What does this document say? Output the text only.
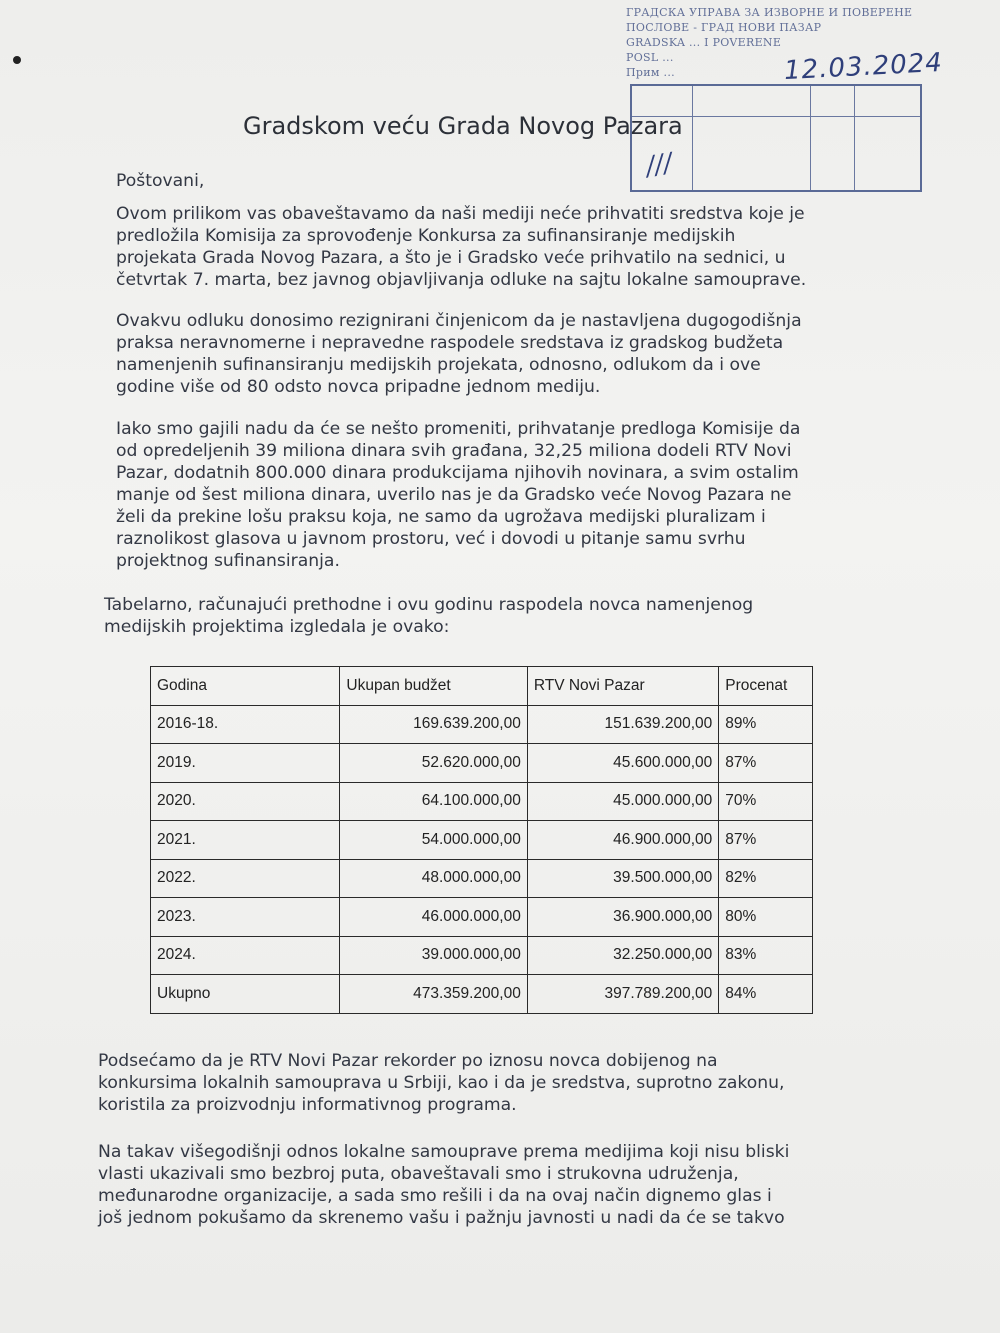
ГРАДСКА УПРАВА ЗА ИЗВОРНЕ И ПОВЕРЕНЕ
ПОСЛОВЕ - ГРАД НОВИ ПАЗАР
GRADSKA ... I POVERENE
POSL ...
Прим ...	12.03.2024
///
Gradskom veću Grada Novog Pazara

Poštovani,

Ovom prilikom vas obaveštavamo da naši mediji neće prihvatiti sredstva koje je
predložila Komisija za sprovođenje Konkursa za sufinansiranje medijskih
projekata Grada Novog Pazara, a što je i Gradsko veće prihvatilo na sednici, u
četvrtak 7. marta, bez javnog objavljivanja odluke na sajtu lokalne samouprave.

Ovakvu odluku donosimo rezignirani činjenicom da je nastavljena dugogodišnja
praksa neravnomerne i nepravedne raspodele sredstava iz gradskog budžeta
namenjenih sufinansiranju medijskih projekata, odnosno, odlukom da i ove
godine više od 80 odsto novca pripadne jednom mediju.

Iako smo gajili nadu da će se nešto promeniti, prihvatanje predloga Komisije da
od opredeljenih 39 miliona dinara svih građana, 32,25 miliona dodeli RTV Novi
Pazar, dodatnih 800.000 dinara produkcijama njihovih novinara, a svim ostalim
manje od šest miliona dinara, uverilo nas je da Gradsko veće Novog Pazara ne
želi da prekine lošu praksu koja, ne samo da ugrožava medijski pluralizam i
raznolikost glasova u javnom prostoru, već i dovodi u pitanje samu svrhu
projektnog sufinansiranja.

Tabelarno, računajući prethodne i ovu godinu raspodela novca namenjenog
medijskih projektima izgledala je ovako:

Godina	Ukupan budžet	RTV Novi Pazar	Procenat
2016-18.	169.639.200,00	151.639.200,00	89%
2019.	52.620.000,00	45.600.000,00	87%
2020.	64.100.000,00	45.000.000,00	70%
2021.	54.000.000,00	46.900.000,00	87%
2022.	48.000.000,00	39.500.000,00	82%
2023.	46.000.000,00	36.900.000,00	80%
2024.	39.000.000,00	32.250.000,00	83%
Ukupno	473.359.200,00	397.789.200,00	84%

Podsećamo da je RTV Novi Pazar rekorder po iznosu novca dobijenog na
konkursima lokalnih samouprava u Srbiji, kao i da je sredstva, suprotno zakonu,
koristila za proizvodnju informativnog programa.

Na takav višegodišnji odnos lokalne samouprave prema medijima koji nisu bliski
vlasti ukazivali smo bezbroj puta, obaveštavali smo i strukovna udruženja,
međunarodne organizacije, a sada smo rešili i da na ovaj način dignemo glas i
još jednom pokušamo da skrenemo vašu i pažnju javnosti u nadi da će se takvo
